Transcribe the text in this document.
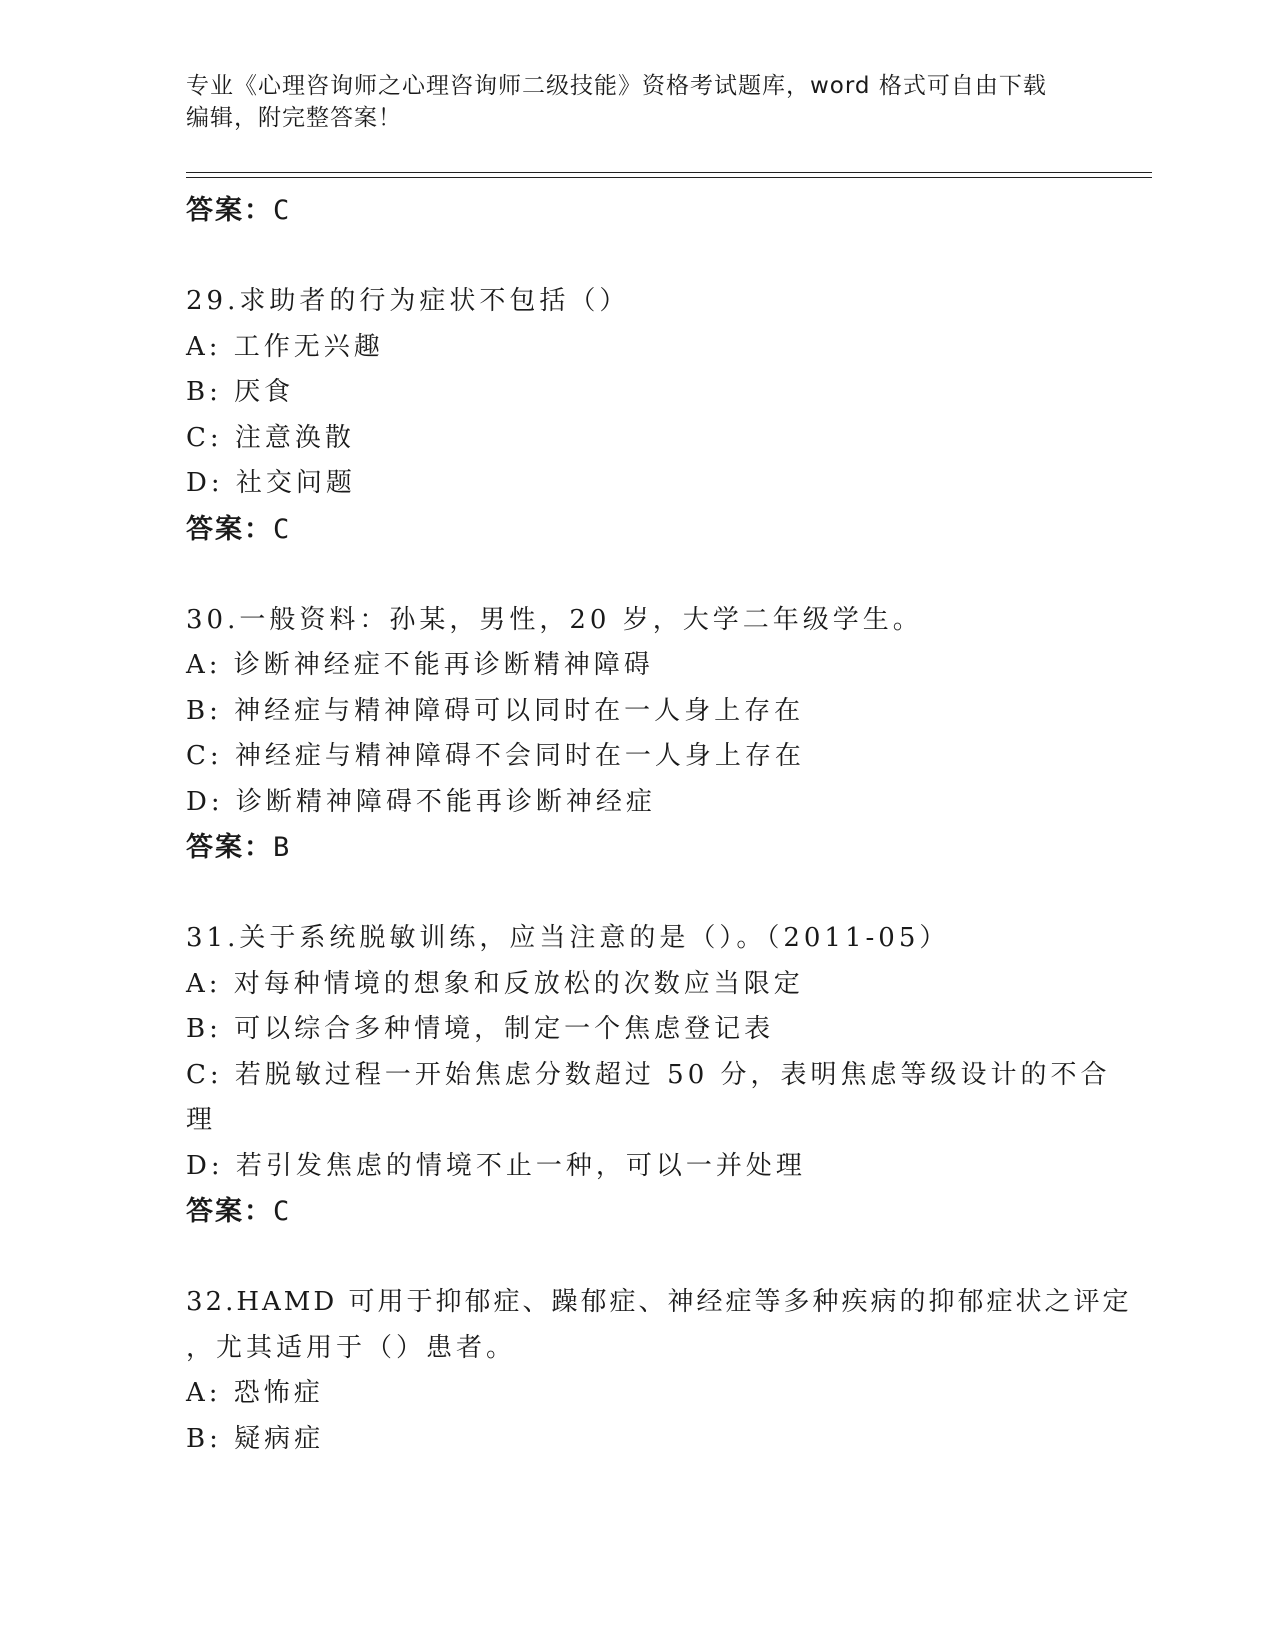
专业《心理咨询师之心理咨询师二级技能》资格考试题库，word 格式可自由下载
编辑，附完整答案！
答案：C
29.求助者的行为症状不包括（）
A: 工作无兴趣
B: 厌食
C: 注意涣散
D: 社交问题
答案：C
30.一般资料：孙某，男性，20 岁，大学二年级学生。
A: 诊断神经症不能再诊断精神障碍
B: 神经症与精神障碍可以同时在一人身上存在
C: 神经症与精神障碍不会同时在一人身上存在
D: 诊断精神障碍不能再诊断神经症
答案：B
31.关于系统脱敏训练，应当注意的是（）。（2011-05）
A: 对每种情境的想象和反放松的次数应当限定
B: 可以综合多种情境，制定一个焦虑登记表
C: 若脱敏过程一开始焦虑分数超过 50 分，表明焦虑等级设计的不合
理
D: 若引发焦虑的情境不止一种，可以一并处理
答案：C
32.HAMD 可用于抑郁症、躁郁症、神经症等多种疾病的抑郁症状之评定
，尤其适用于（）患者。
A: 恐怖症
B: 疑病症
